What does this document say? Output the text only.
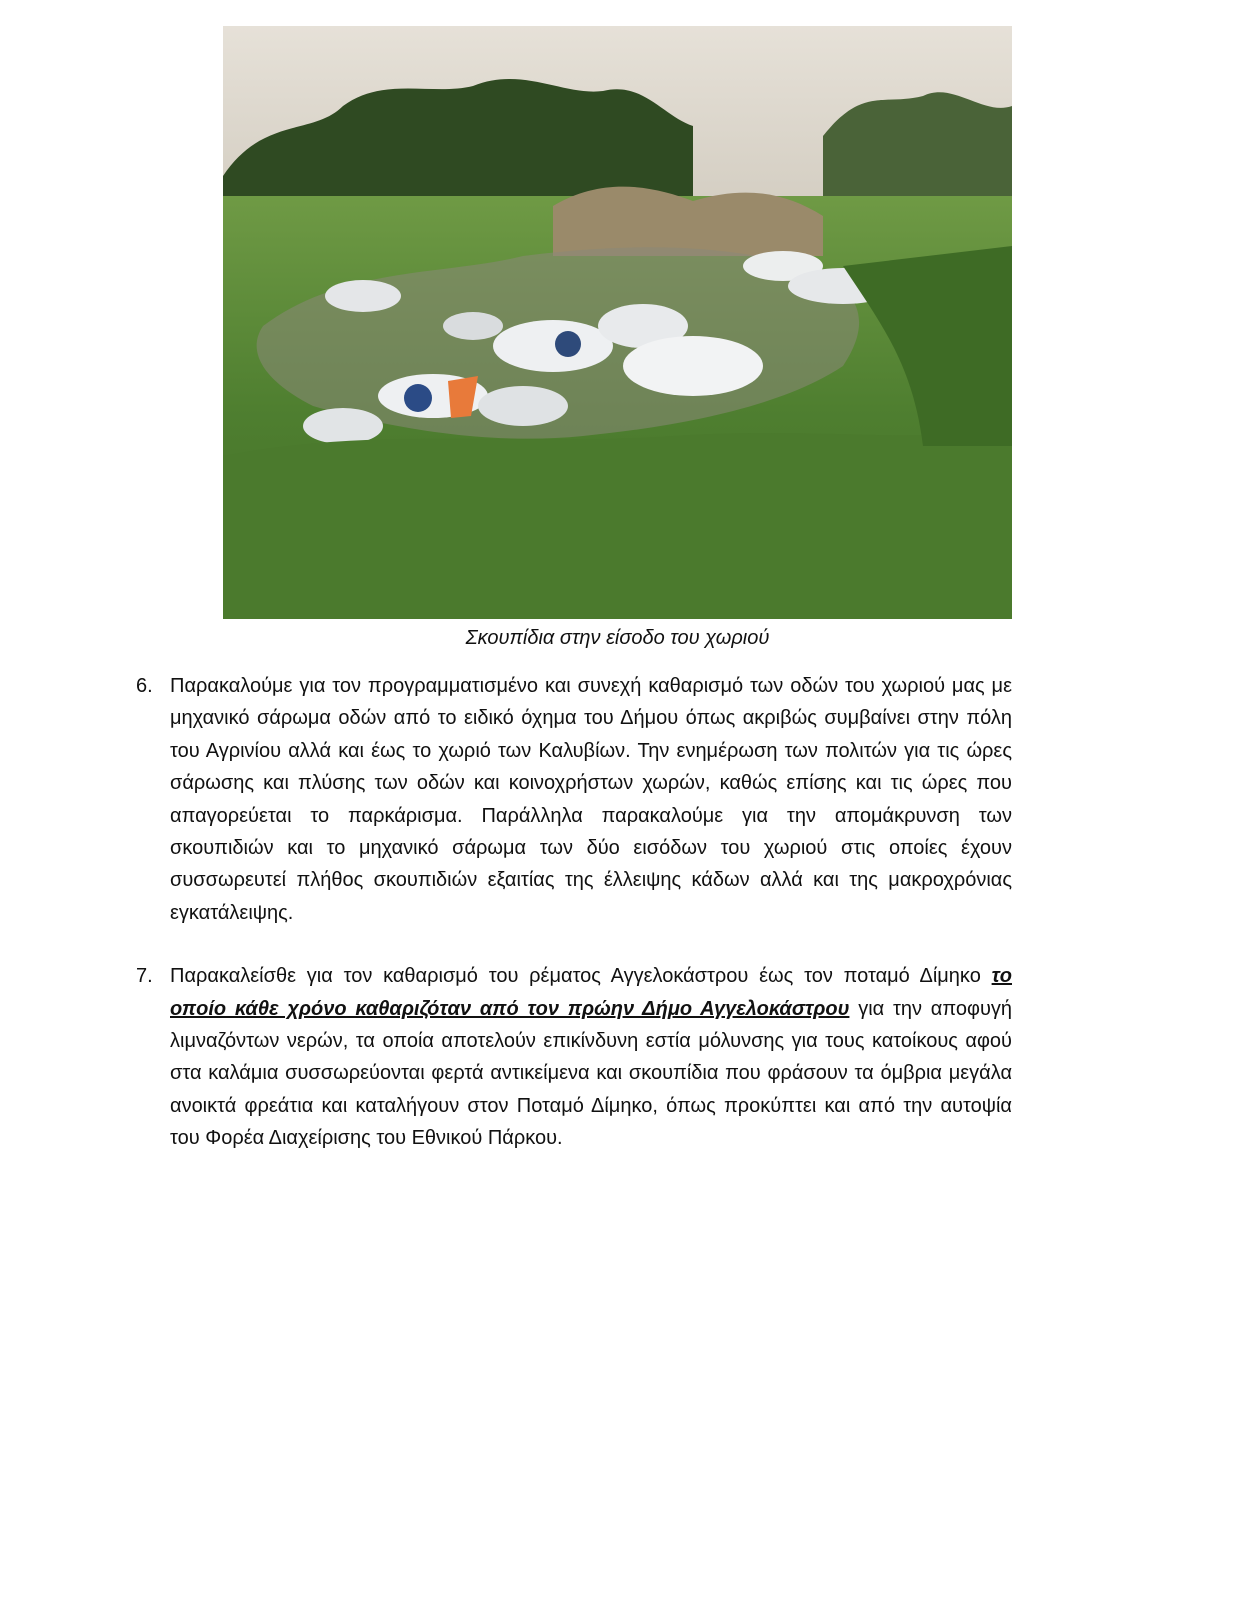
Σκουπίδια στην είσοδο του χωριού
6. Παρακαλούμε για τον προγραμματισμένο και συνεχή καθαρισμό των οδών του χωριού μας με μηχανικό σάρωμα οδών από το ειδικό όχημα του Δήμου όπως ακριβώς συμβαίνει στην πόλη του Αγρινίου αλλά και έως το χωριό των Καλυβίων. Την ενημέρωση των πολιτών για τις ώρες σάρωσης και πλύσης των οδών και κοινοχρήστων χωρών, καθώς επίσης και τις ώρες που απαγορεύεται το παρκάρισμα. Παράλληλα παρακαλούμε για την απομάκρυνση των σκουπιδιών και το μηχανικό σάρωμα των δύο εισόδων του χωριού στις οποίες έχουν συσσωρευτεί πλήθος σκουπιδιών εξαιτίας της έλλειψης κάδων αλλά και της μακροχρόνιας εγκατάλειψης.
7. Παρακαλείσθε για τον καθαρισμό του ρέματος Αγγελοκάστρου έως τον ποταμό Δίμηκο το οποίο κάθε χρόνο καθαριζόταν από τον πρώην Δήμο Αγγελοκάστρου για την αποφυγή λιμναζόντων νερών, τα οποία αποτελούν επικίνδυνη εστία μόλυνσης για τους κατοίκους αφού στα καλάμια συσσωρεύονται φερτά αντικείμενα και σκουπίδια που φράσουν τα όμβρια μεγάλα ανοικτά φρεάτια και καταλήγουν στον Ποταμό Δίμηκο, όπως προκύπτει και από την αυτοψία του Φορέα Διαχείρισης του Εθνικού Πάρκου.
